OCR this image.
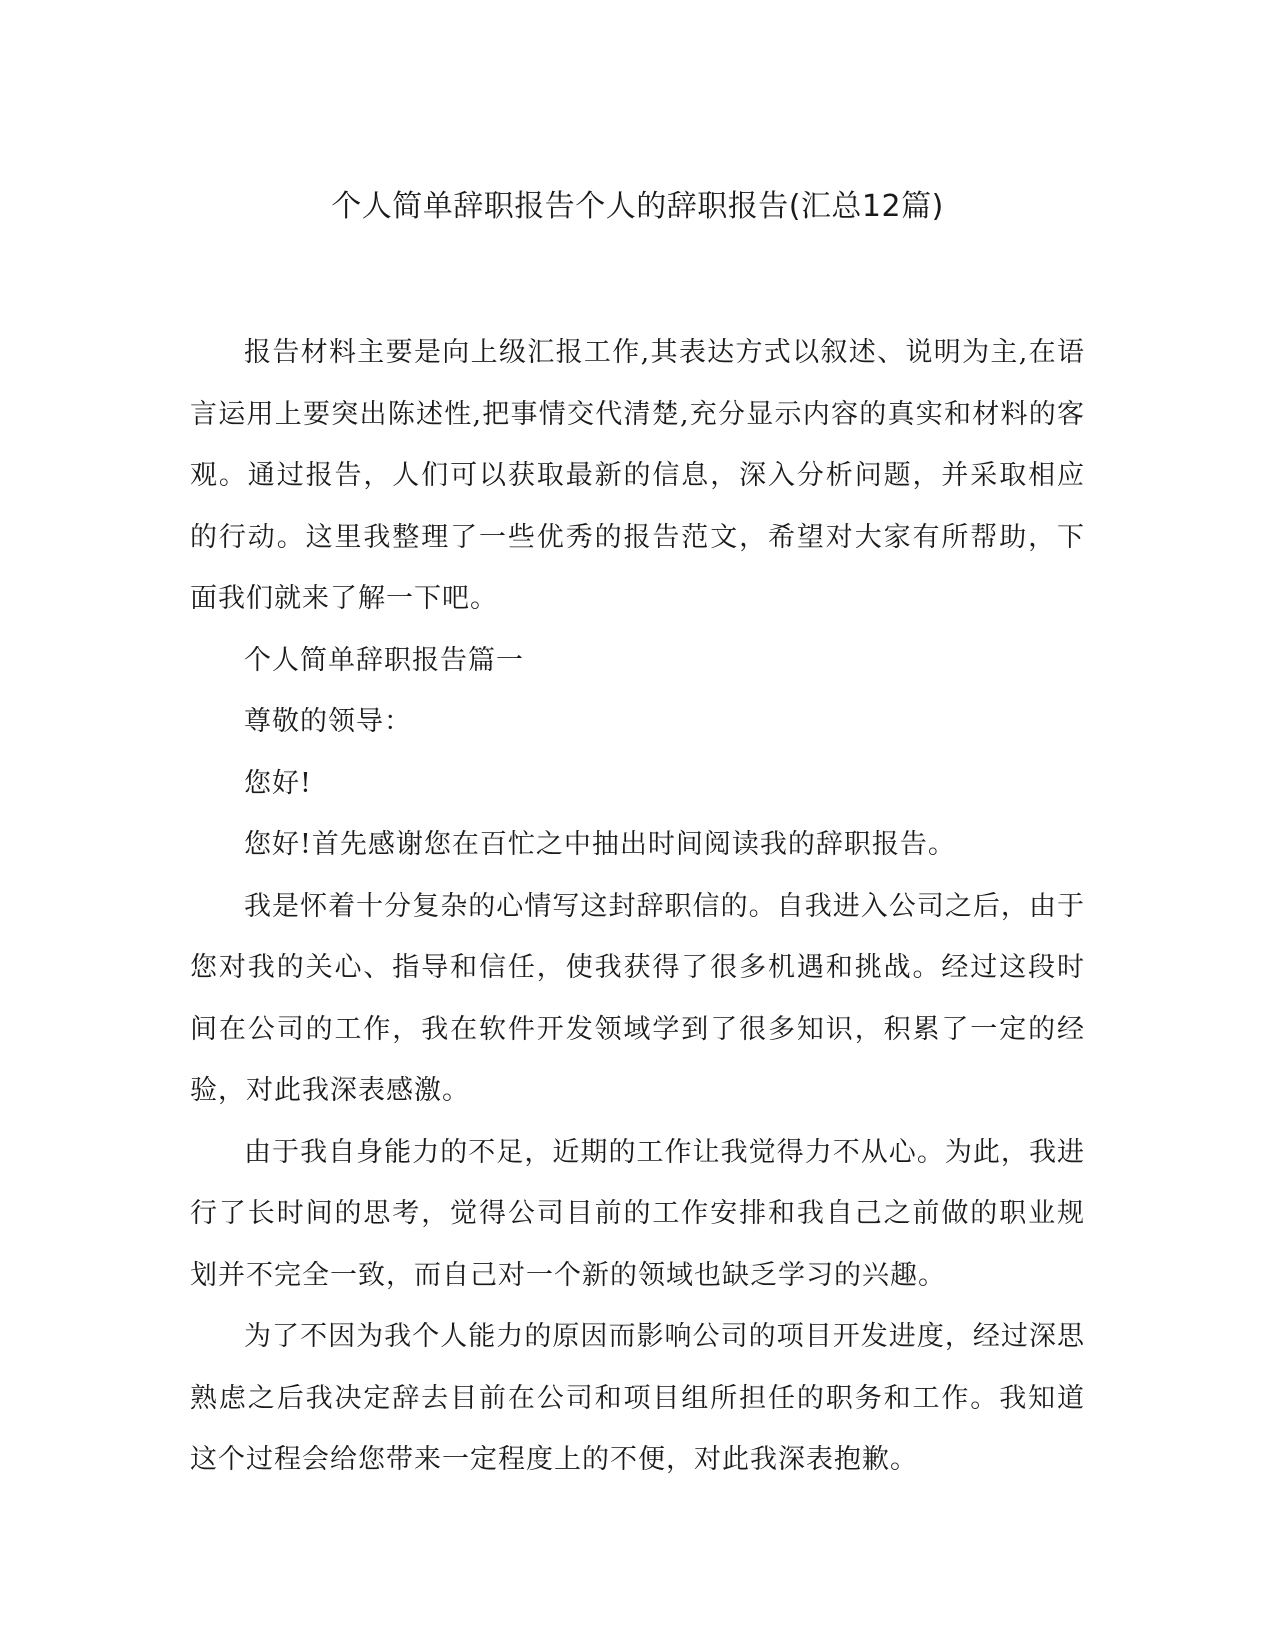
个人简单辞职报告个人的辞职报告(汇总12篇)

报告材料主要是向上级汇报工作,其表达方式以叙述、说明为主,在语言运用上要突出陈述性,把事情交代清楚,充分显示内容的真实和材料的客观。通过报告，人们可以获取最新的信息，深入分析问题，并采取相应的行动。这里我整理了一些优秀的报告范文，希望对大家有所帮助，下面我们就来了解一下吧。

个人简单辞职报告篇一

尊敬的领导：

您好!

您好!首先感谢您在百忙之中抽出时间阅读我的辞职报告。

我是怀着十分复杂的心情写这封辞职信的。自我进入公司之后，由于您对我的关心、指导和信任，使我获得了很多机遇和挑战。经过这段时间在公司的工作，我在软件开发领域学到了很多知识，积累了一定的经验，对此我深表感激。

由于我自身能力的不足，近期的工作让我觉得力不从心。为此，我进行了长时间的思考，觉得公司目前的工作安排和我自己之前做的职业规划并不完全一致，而自己对一个新的领域也缺乏学习的兴趣。

为了不因为我个人能力的原因而影响公司的项目开发进度，经过深思熟虑之后我决定辞去目前在公司和项目组所担任的职务和工作。我知道这个过程会给您带来一定程度上的不便，对此我深表抱歉。
